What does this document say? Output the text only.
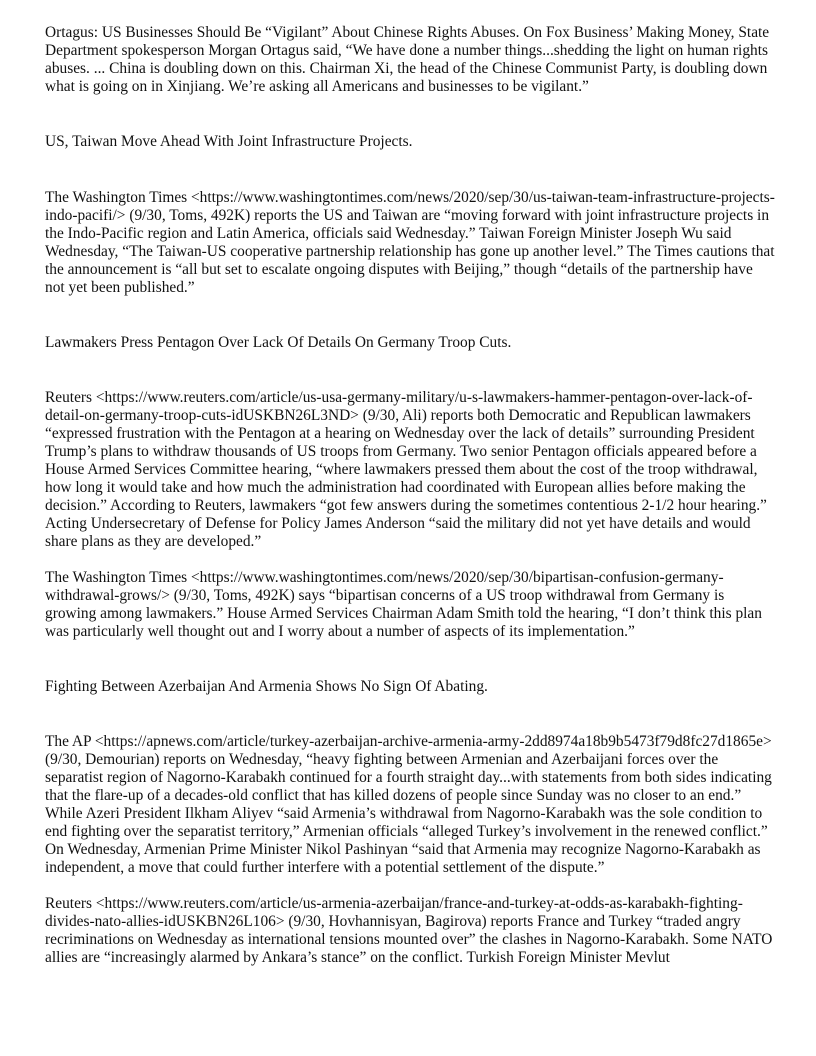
Ortagus: US Businesses Should Be “Vigilant” About Chinese Rights Abuses. On Fox Business’ Making Money, State Department spokesperson Morgan Ortagus said, “We have done a number things...shedding the light on human rights abuses. ... China is doubling down on this. Chairman Xi, the head of the Chinese Communist Party, is doubling down what is going on in Xinjiang. We’re asking all Americans and businesses to be vigilant.”

US, Taiwan Move Ahead With Joint Infrastructure Projects.

The Washington Times <https://www.washingtontimes.com/news/2020/sep/30/us-taiwan-team-infrastructure-projects-indo-pacifi/> (9/30, Toms, 492K) reports the US and Taiwan are “moving forward with joint infrastructure projects in the Indo-Pacific region and Latin America, officials said Wednesday.” Taiwan Foreign Minister Joseph Wu said Wednesday, “The Taiwan-US cooperative partnership relationship has gone up another level.” The Times cautions that the announcement is “all but set to escalate ongoing disputes with Beijing,” though “details of the partnership have not yet been published.”

Lawmakers Press Pentagon Over Lack Of Details On Germany Troop Cuts.

Reuters <https://www.reuters.com/article/us-usa-germany-military/u-s-lawmakers-hammer-pentagon-over-lack-of-detail-on-germany-troop-cuts-idUSKBN26L3ND> (9/30, Ali) reports both Democratic and Republican lawmakers “expressed frustration with the Pentagon at a hearing on Wednesday over the lack of details” surrounding President Trump’s plans to withdraw thousands of US troops from Germany. Two senior Pentagon officials appeared before a House Armed Services Committee hearing, “where lawmakers pressed them about the cost of the troop withdrawal, how long it would take and how much the administration had coordinated with European allies before making the decision.” According to Reuters, lawmakers “got few answers during the sometimes contentious 2-1/2 hour hearing.” Acting Undersecretary of Defense for Policy James Anderson “said the military did not yet have details and would share plans as they are developed.”

The Washington Times <https://www.washingtontimes.com/news/2020/sep/30/bipartisan-confusion-germany-withdrawal-grows/> (9/30, Toms, 492K) says “bipartisan concerns of a US troop withdrawal from Germany is growing among lawmakers.” House Armed Services Chairman Adam Smith told the hearing, “I don’t think this plan was particularly well thought out and I worry about a number of aspects of its implementation.”

Fighting Between Azerbaijan And Armenia Shows No Sign Of Abating.

The AP <https://apnews.com/article/turkey-azerbaijan-archive-armenia-army-2dd8974a18b9b5473f79d8fc27d1865e> (9/30, Demourian) reports on Wednesday, “heavy fighting between Armenian and Azerbaijani forces over the separatist region of Nagorno-Karabakh continued for a fourth straight day...with statements from both sides indicating that the flare-up of a decades-old conflict that has killed dozens of people since Sunday was no closer to an end.” While Azeri President Ilkham Aliyev “said Armenia’s withdrawal from Nagorno-Karabakh was the sole condition to end fighting over the separatist territory,” Armenian officials “alleged Turkey’s involvement in the renewed conflict.” On Wednesday, Armenian Prime Minister Nikol Pashinyan “said that Armenia may recognize Nagorno-Karabakh as independent, a move that could further interfere with a potential settlement of the dispute.”

Reuters <https://www.reuters.com/article/us-armenia-azerbaijan/france-and-turkey-at-odds-as-karabakh-fighting-divides-nato-allies-idUSKBN26L106> (9/30, Hovhannisyan, Bagirova) reports France and Turkey “traded angry recriminations on Wednesday as international tensions mounted over” the clashes in Nagorno-Karabakh. Some NATO allies are “increasingly alarmed by Ankara’s stance” on the conflict. Turkish Foreign Minister Mevlut
